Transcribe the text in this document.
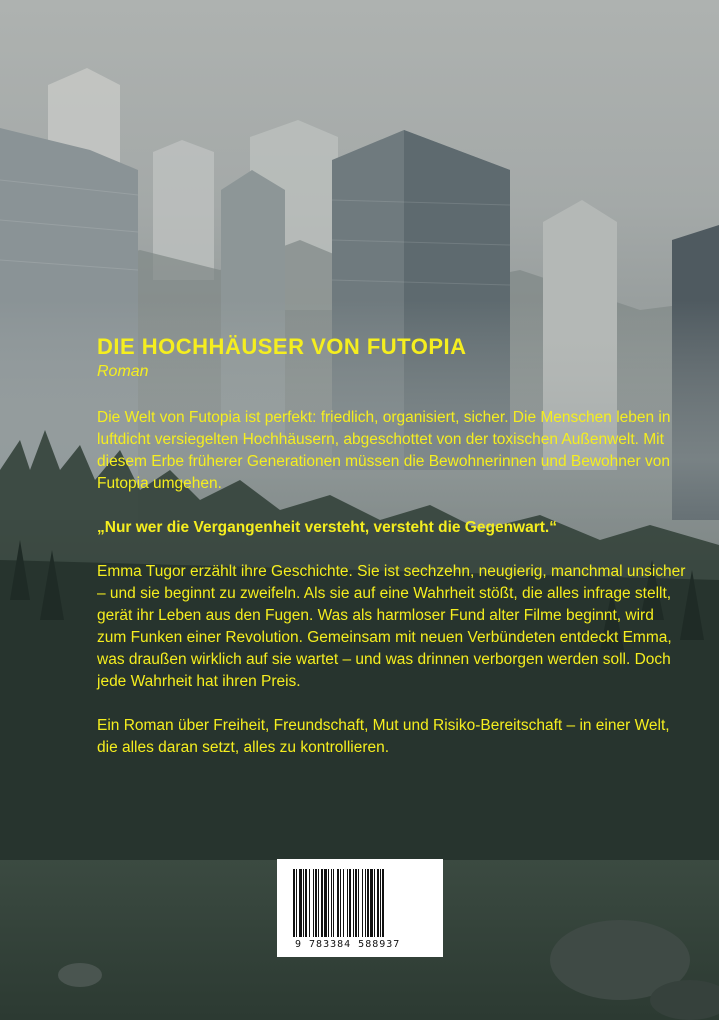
DIE HOCHHÄUSER VON FUTOPIA

Roman

Die Welt von Futopia ist perfekt: friedlich, organisiert, sicher. Die Menschen leben in luftdicht versiegelten Hochhäusern, abgeschottet von der toxischen Außenwelt. Mit diesem Erbe früherer Generationen müssen die Bewohnerinnen und Bewohner von Futopia umgehen.

„Nur wer die Vergangenheit versteht, versteht die Gegenwart.“

Emma Tugor erzählt ihre Geschichte. Sie ist sechzehn, neugierig, manchmal unsicher – und sie beginnt zu zweifeln. Als sie auf eine Wahrheit stößt, die alles infrage stellt, gerät ihr Leben aus den Fugen. Was als harmloser Fund alter Filme beginnt, wird zum Funken einer Revolution. Gemeinsam mit neuen Verbündeten entdeckt Emma, was draußen wirklich auf sie wartet – und was drinnen verborgen werden soll. Doch jede Wahrheit hat ihren Preis.

Ein Roman über Freiheit, Freundschaft, Mut und Risiko-Bereitschaft – in einer Welt, die alles daran setzt, alles zu kontrollieren.

9 783384 588937
